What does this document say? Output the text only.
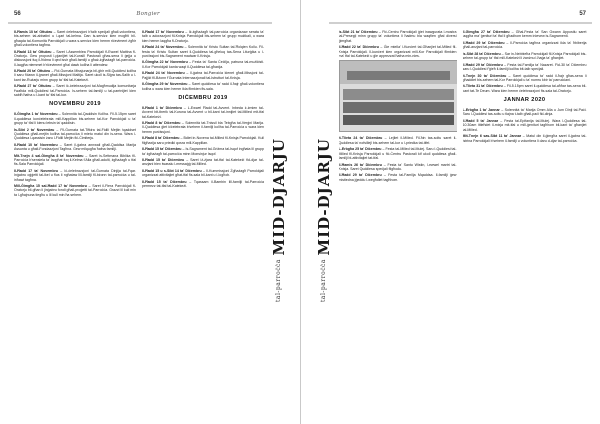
56	Bongier
Il-Ħamis 10 ta' Ottubru – Saret ċelebrazzjoni b'talb speċjali għall-volontiera, bis-sehem tal-abbatini u l-qari tal-kelma. Dan is-servizz kien mogħti bil-għaqda tal-Komunità Parrokkjali u wara s-servizz kien hemm riċeviment żgħir għall-volontiera tagħna.
Il-Ħadd 13 ta' Ottubru – Saret l-Assemblea Parrokkjali fl-Ewwel Mattina fl-Oratorju. Ġew proposti l-pjanijiet tal-Kunsill Pastorali għas-sena li ġejja u diskussjoni fuq il-ħidma li qed issir għall-familji u għaż-żgħażagħ tal-parroċċa. Il-laqgħa ntemmet b'riċeviment għal dawk kollha li attendew.
Il-Ħadd 20 ta' Ottubru – Fid-Ġurnata Missjunarja bil-ġbir mill-Quddiesi kollha li saru f'dawn il-ġranet għall-Missjoni Maltija. Saret ukoll is-Siġra tas-Salib u l-kant tar-Rużarju minn grupp ta' tfal tal-Katekeżi.
Il-Ħadd 27 ta' Ottubru – Saret iċ-ċelebrazzjoni tal-Magħmudija komunitarja f'waħda mill-Quddiesi tal-Parroċċa. Is-sehem tal-familji u tal-parrinijiet kien sabiħ ħafna u l-kant ta' tfal tal-kor.
NOVEMBRU 2019
Il-Ġimgħa 1 ta' Novembru – Solennità tal-Qaddisin Kollha. Fil-5.15pm saret il-quddiesa konċelebrata mill-Kappillan bis-sehem tal-Kor Parrokkjali u ta' grupp ta' tfal li kienu lebsin ta' qaddisin.
Is-Sibt 2 ta' Novembru – Fil-Ġurnata tat-Tifkira tal-Fidili Mejtin tqaddset Quddiesa għall-mejtin kollha tal-parroċċa li mietu matul din is-sena. Wara l-Quddiesa l-qassisin żaru l-Fidili Mejtin fiċ-Ċimiterju.
Il-Ħadd 10 ta' Novembru – Saret il-ġabra annwali għall-Qaddisa Marija Assunta u għall-Fondazzjoni Tagħna. Ġew milqugħa ħafna familji.
Mit-Tnejn 4 sal-Ġimgħa 8 ta' Novembru – Saret is-Settmana Biblika fil-Parroċċa b'sensiela ta' laqgħat fuq il-Kelma t'Alla għall-adulti, żgħażagħ u tfal fis-Sala Parrokkjali.
Il-Ħadd 17 ta' Novembru – Iċ-ċelebrazzjoni tal-Ġurnata Dinjija tal-Fqar. Inġabru oġġetti tal-ikel u flus li ngħataw lill-familji fil-bżonn tal-parroċċa u tal-inħawi tagħna.
Mill-Ġimgħa 15 sal-Ħadd 17 ta' Novembru – Saret il-Fiera Parrokkjali fl-Oratorju bil-għan li jinġabru fondi għall-proġetti tal-Parroċċa. Grazzi lil kull min ta l-għajnuna tiegħu u lil kull min ħa sehem.
Il-Ħadd 17 ta' Novembru – Iż-żgħażagħ tal-parroċċa organizzaw serata ta' talb u adorazzjoni fil-Knisja Parrokkjali bis-sehem ta' grupp mużikali, u wara kien hemm laqgħa fl-Oratorju.
Il-Ħadd 24 ta' Novembru – Solennità ta' Kristu Sultan tal-Ħolqien Kollu. Fil-festa ta' Kristu Sultan saret il-Quddiesa tal-għeluq tas-Sena Liturġika u l-purċissjoni bis-Sagrament madwar il-Knisja.
Il-Ġimgħa 22 ta' Novembru – Festa ta' Santa Ċeċilja, patruna tal-mużiċisti. Il-Kor Parrokkjali kanta waqt il-Quddiesa tal-għaxija.
Il-Ħadd 24 ta' Novembru – Il-ġabra tal-Parroċċa kienet għall-Missjoni tal-Pajjiżi fil-Bżonn f'Ġurnata Internazzjonali tal-Istrutturi tal-Knisja.
Il-Ġimgħa 29 ta' Novembru – Saret quddiesa ta' radd il-ħajr għall-volontiera kollha u wara kien hemm ikla flimkien fis-sala.
DIĊEMBRU 2019
Il-Ħadd 1 ta' Diċembru – L-Ewwel Ħadd tal-Avvent. Inbeda ż-żmien tal-Avvent bit-tberik tal-Kuruna tal-Avvent u bil-kant tal-innijiet tal-Milied mit-tfal tal-Katekeżi.
Il-Ħadd 8 ta' Diċembru – Solennità tat-Tnissil bla Tebgħa tal-Verġni Marija. Il-Quddiesa ġiet iċċelebrata b'sehem il-familji kollha tal-Parroċċa u wara kien hemm purċissjoni.
Il-Ħadd 8 ta' Diċembru – Bdiet in-Novena tal-Milied fil-Knisja Parrokkjali. Kull filgħaxija saru priedki qosra mill-Kappillan.
Il-Ħadd 15 ta' Diċembru – Is-Sagrament tal-Griżma tal-Isqof ingħata lil grupp ta' żgħażagħ tal-parroċċa minn Monsinjur Isqof.
Il-Ħadd 15 ta' Diċembru – Saret iż-żjara tat-tfal tal-Katekeżi fid-djar tal-anzjani biex iwasslu l-messaġġ tal-Milied.
Il-Ħadd 15 u s-Sibt 14 ta' Diċembru – Il-Kummissjoni Żgħażagħ Parrokkjali organizzat attivitajiet għat-tfal fis-sala bil-kant u l-logħob.
Il-Ħadd 15 ta' Diċembru – Tqassam il-Bambin lill-familji tal-Parroċċa permezz tat-tfal tal-Katekeżi.	MID-DJARJU
tal-parroċċa
57
MID-DJARJU
tal-parroċċa
Is-Sibt 21 ta' Diċembru – Fiċ-Ċentru Parrokkjali ġiet inawgurata l-mostra tal-Presepji minn grupp ta' voluntiera li ħadmu bla waqfien għal diversi ġimgħat.
Il-Ħadd 22 ta' Diċembru – Ġie mtella' l-Kunċert tal-Għanjiet tal-Milied fil-Knisja Parrokkjali. Il-kunċert kien organizzat mill-Kor Parrokkjali flimkien ma' tfal tal-Katekeżi u ġie apprezzat ħafna min-nies.
It-Tlieta 24 ta' Diċembru – Lejliet il-Milied. Fil-ħin tas-soltu saret il-Quddiesa ta' nofsillejl bis-sehem tal-kor u l-priedka tat-tifel.
L-Erbgħa 25 ta' Diċembru – Festa tal-Milied tal-Mulej. Saru l-Quddiesi tal-Milied fil-Knisja Parrokkjali u fiċ-Ċentru Pastorali kif ukoll quddiesa għall-familji bl-attivitajiet tat-tfal.
Il-Ħamis 26 ta' Diċembru – Festa ta' Santu Wistin, l-ewwel martri tal-Knisja. Saret Quddiesa speċjali filgħodu.
Il-Ħadd 29 ta' Diċembru – Festa tal-Familja Mqaddsa. Il-familji ġew mistiedna jġeddu l-wegħdiet tagħhom.
Il-Ġimgħa 27 ta' Diċembru – Għal-Festa ta' San Ġwann Appostlu saret laqgħa ma' ġenituri ta' tfal li għadhom kemm irċevew is-Sagramenti.
Il-Ħadd 29 ta' Diċembru – Il-Parroċċa tagħna organizzat ikla ta' ħbiberija għall-anzjani tal-parroċċa.
Is-Sibt 28 ta' Diċembru – Sar in-Nebbieħa Parrokkjali fil-Knisja Parrokkjali bis-sehem tal-grupp ta' tfal mill-Katekeżi li żanżnu l-ħaġa ta' għanjiet.
Il-Ħadd 29 ta' Diċembru – Festa tal-Familja ta' Nazaret. Fid-30 ta' Diċembru saru l-Quddiesi f'ġieħ il-familji kollha bit-talb speċjali.
It-Tnejn 30 ta' Diċembru – Saret quddiesa ta' radd il-ħajr għas-sena li għaddiet bis-sehem tal-Kor Parrokkjali u ta' numru kbir ta' parruċċani.
It-Tlieta 31 ta' Diċembru – Fil-5.15pm saret il-quddiesa tal-aħħar tas-sena bil-kant tat-Te Deum. Wara kien hemm ċelebrazzjoni fis-sala tal-Oratorju.
JANNAR 2020
L-Erbgħa 1 ta' Jannar – Solennità ta' Marija Omm Alla u Jum Dinji tal-Paċi. Saru l-Quddiesi tas-soltu u tlajna t-talb għall-paċi fid-dinja.
Il-Ħadd 5 ta' Jannar – Festa tal-Epifanija tal-Mulej. Wara l-Quddiesa tal-10.30am ittieħdet il-mixja mit-tfal u mill-ġenituri tagħhom bil-kant ta' għanjiet tal-Milied.
Mit-Tnejn 6 sas-Sibt 11 ta' Jannar – Matul din il-ġimgħa saret il-ġabra tal-Istrina Parrokkjali b'sehem il-familji u voluntiera li daru d-djar tal-parroċċa.
